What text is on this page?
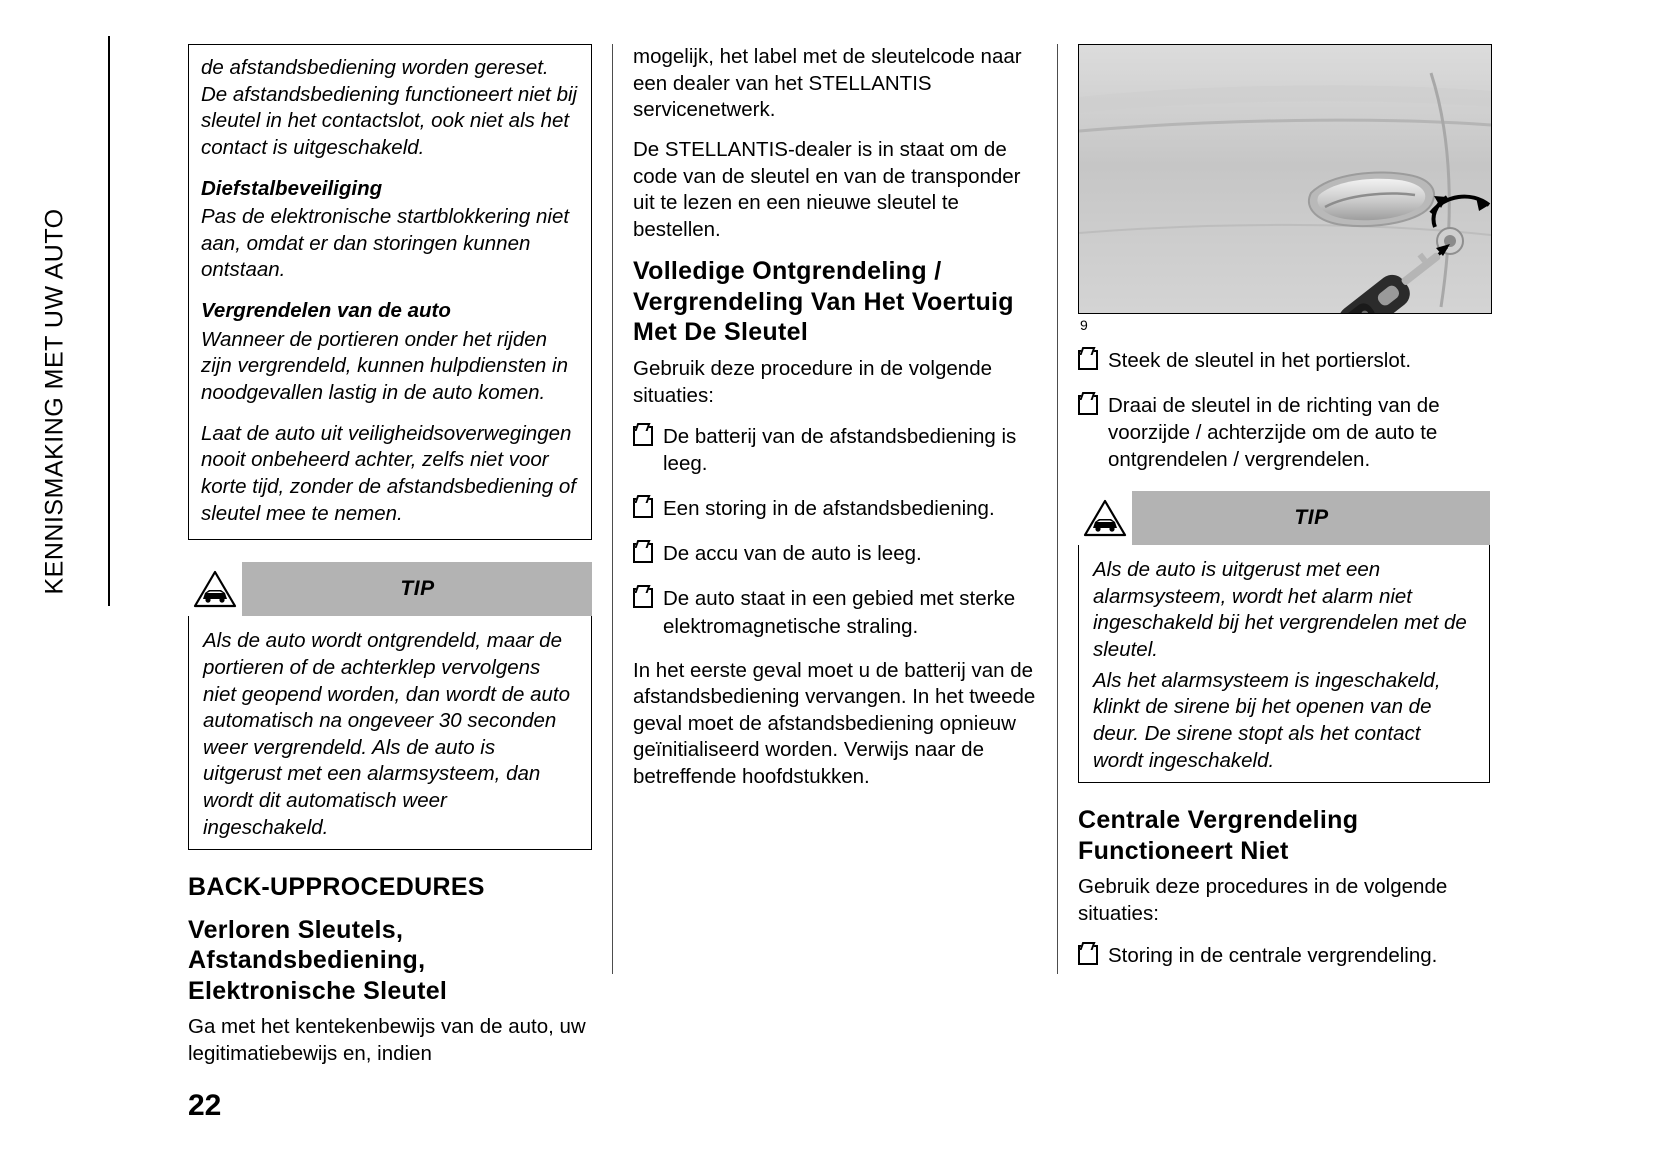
KENNISMAKING MET UW AUTO

de afstandsbediening worden gereset. De afstandsbediening functioneert niet bij sleutel in het contactslot, ook niet als het contact is uitgeschakeld.

Diefstalbeveiliging

Pas de elektronische startblokkering niet aan, omdat er dan storingen kunnen ontstaan.

Vergrendelen van de auto

Wanneer de portieren onder het rijden zijn vergrendeld, kunnen hulpdiensten in noodgevallen lastig in de auto komen.

Laat de auto uit veiligheidsoverwegingen nooit onbeheerd achter, zelfs niet voor korte tijd, zonder de afstandsbediening of sleutel mee te nemen.

TIP

Als de auto wordt ontgrendeld, maar de portieren of de achterklep vervolgens niet geopend worden, dan wordt de auto automatisch na ongeveer 30 seconden weer vergrendeld. Als de auto is uitgerust met een alarmsysteem, dan wordt dit automatisch weer ingeschakeld.

BACK-UPPROCEDURES
Verloren Sleutels, Afstandsbediening, Elektronische Sleutel

Ga met het kentekenbewijs van de auto, uw legitimatiebewijs en, indien

mogelijk, het label met de sleutelcode naar een dealer van het STELLANTIS servicenetwerk.

De STELLANTIS-dealer is in staat om de code van de sleutel en van de transponder uit te lezen en een nieuwe sleutel te bestellen.

Volledige Ontgrendeling / Vergrendeling Van Het Voertuig Met De Sleutel

Gebruik deze procedure in de volgende situaties:

De batterij van de afstandsbediening is leeg.
Een storing in de afstandsbediening.
De accu van de auto is leeg.
De auto staat in een gebied met sterke elektromagnetische straling.

In het eerste geval moet u de batterij van de afstandsbediening vervangen. In het tweede geval moet de afstandsbediening opnieuw geïnitialiseerd worden. Verwijs naar de betreffende hoofdstukken.

9
Steek de sleutel in het portierslot.
Draai de sleutel in de richting van de voorzijde / achterzijde om de auto te ontgrendelen / vergrendelen.
TIP

Als de auto is uitgerust met een alarmsysteem, wordt het alarm niet ingeschakeld bij het vergrendelen met de sleutel.

Als het alarmsysteem is ingeschakeld, klinkt de sirene bij het openen van de deur. De sirene stopt als het contact wordt ingeschakeld.

Centrale Vergrendeling Functioneert Niet

Gebruik deze procedures in de volgende situaties:

Storing in de centrale vergrendeling.
22
